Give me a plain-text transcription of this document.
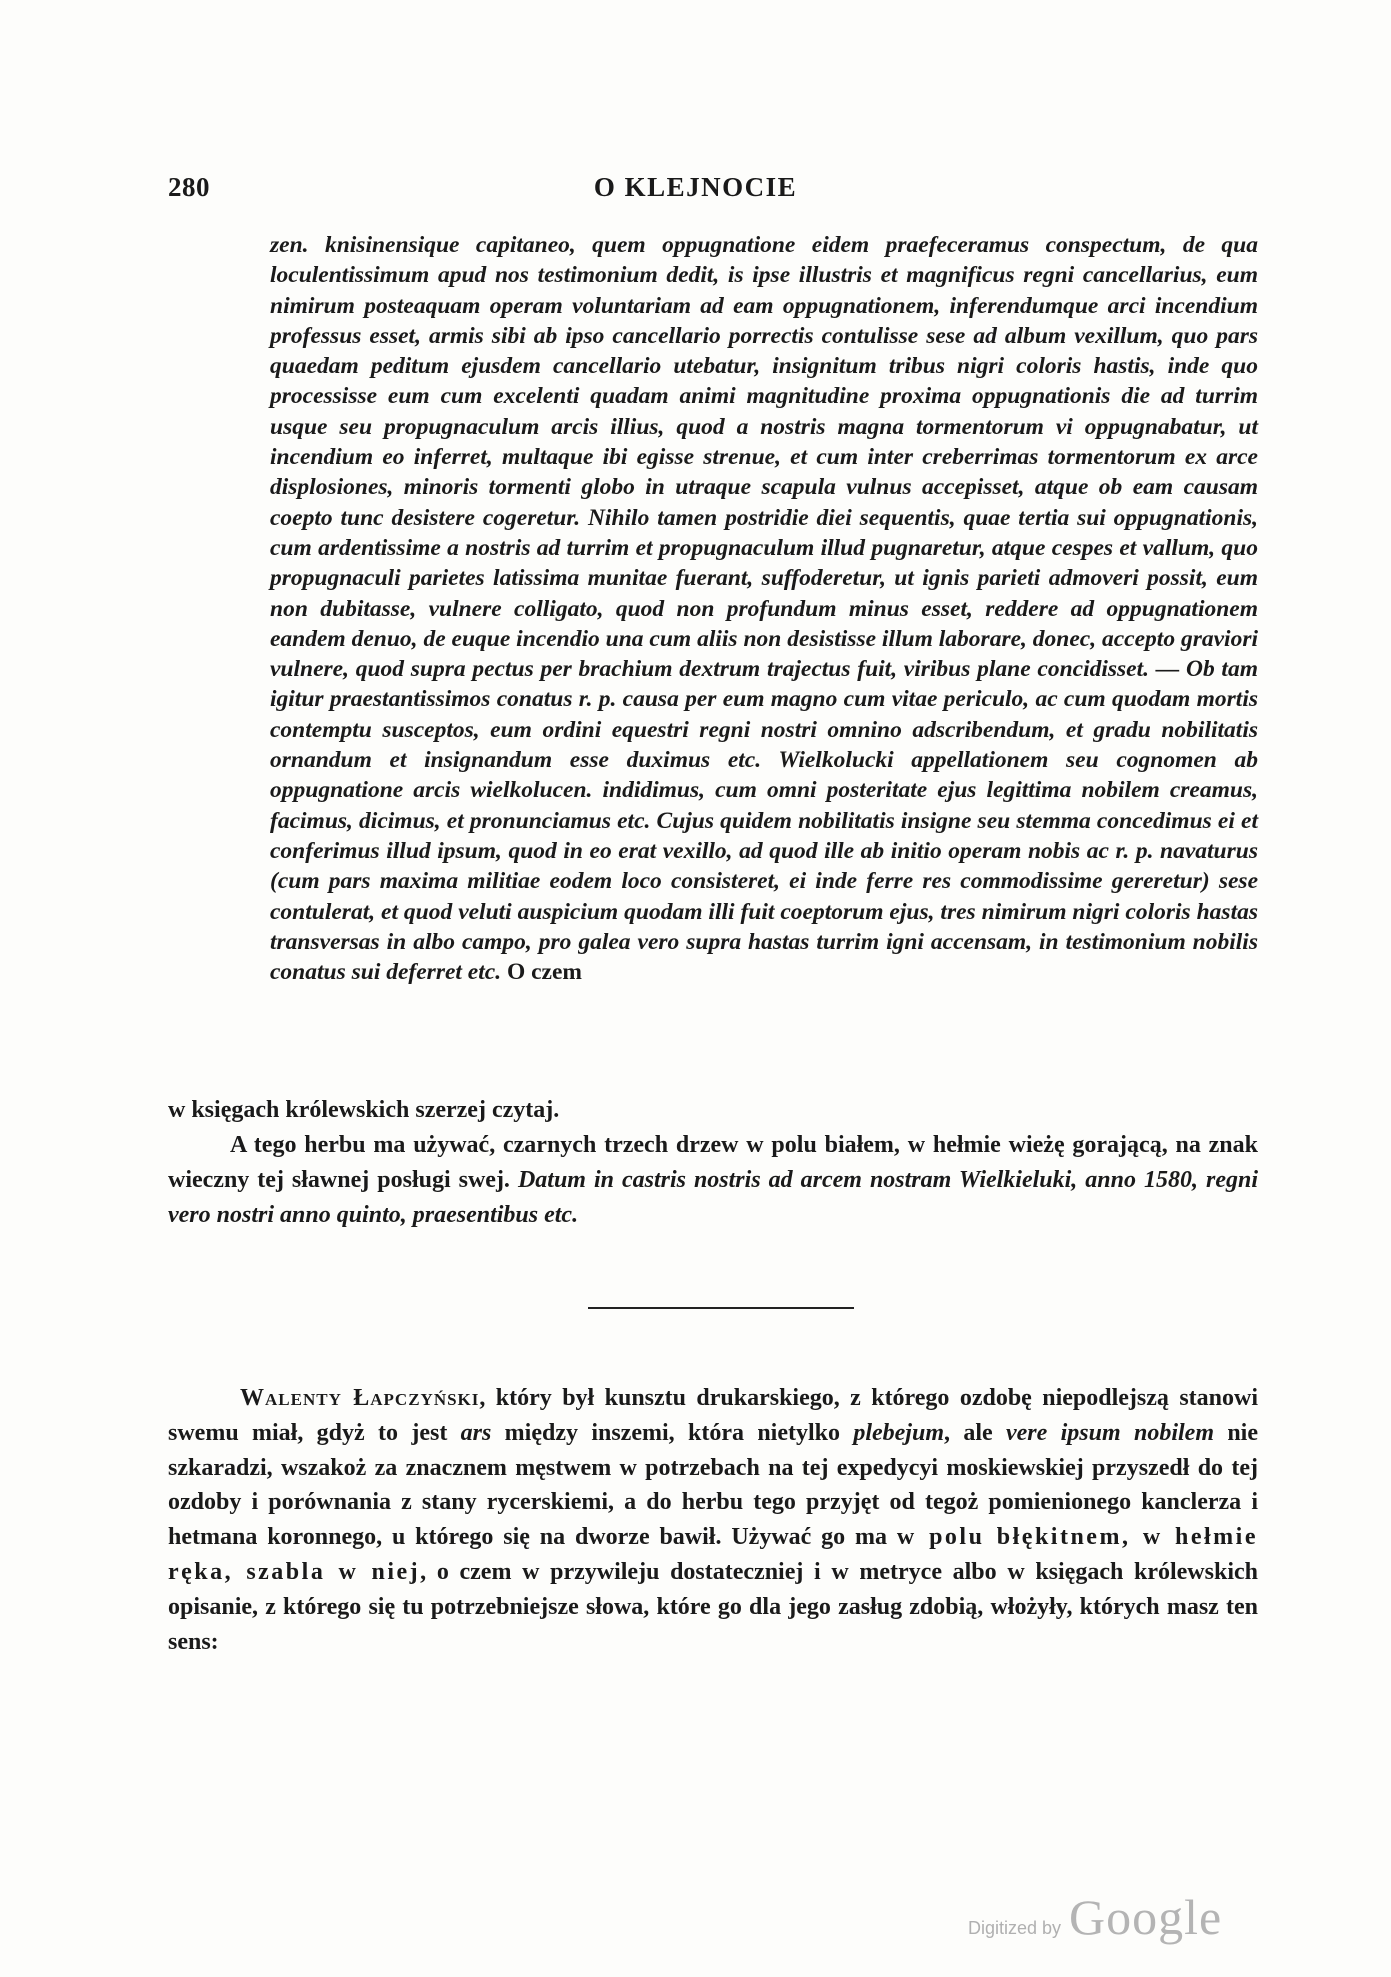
280	O KLEJNOCIE
zen. knisinensique capitaneo, quem oppugnatione eidem praefeceramus conspectum, de qua loculentissimum apud nos testimonium dedit, is ipse illustris et magnificus regni cancellarius, eum nimirum posteaquam operam voluntariam ad eam oppugnationem, inferendumque arci incendium professus esset, armis sibi ab ipso cancellario porrectis contulisse sese ad album vexillum, quo pars quaedam peditum ejusdem cancellario utebatur, insignitum tribus nigri coloris hastis, inde quo processisse eum cum excelenti quadam animi magnitudine proxima oppugnationis die ad turrim usque seu propugnaculum arcis illius, quod a nostris magna tormentorum vi oppugnabatur, ut incendium eo inferret, multaque ibi egisse strenue, et cum inter creberrimas tormentorum ex arce displosiones, minoris tormenti globo in utraque scapula vulnus accepisset, atque ob eam causam coepto tunc desistere cogeretur. Nihilo tamen postridie diei sequentis, quae tertia sui oppugnationis, cum ardentissime a nostris ad turrim et propugnaculum illud pugnaretur, atque cespes et vallum, quo propugnaculi parietes latissima munitae fuerant, suffoderetur, ut ignis parieti admoveri possit, eum non dubitasse, vulnere colligato, quod non profundum minus esset, reddere ad oppugnationem eandem denuo, de euque incendio una cum aliis non desistisse illum laborare, donec, accepto graviori vulnere, quod supra pectus per brachium dextrum trajectus fuit, viribus plane concidisset. — Ob tam igitur praestantissimos conatus r. p. causa per eum magno cum vitae periculo, ac cum quodam mortis contemptu susceptos, eum ordini equestri regni nostri omnino adscribendum, et gradu nobilitatis ornandum et insignandum esse duximus etc. Wielkolucki appellationem seu cognomen ab oppugnatione arcis wielkolucen. indidimus, cum omni posteritate ejus legittima nobilem creamus, facimus, dicimus, et pronunciamus etc. Cujus quidem nobilitatis insigne seu stemma concedimus ei et conferimus illud ipsum, quod in eo erat vexillo, ad quod ille ab initio operam nobis ac r. p. navaturus (cum pars maxima militiae eodem loco consisteret, ei inde ferre res commodissime gereretur) sese contulerat, et quod veluti auspicium quodam illi fuit coeptorum ejus, tres nimirum nigri coloris hastas transversas in albo campo, pro galea vero supra hastas turrim igni accensam, in testimonium nobilis conatus sui deferret etc. O czem
w księgach królewskich szerzej czytaj.
A tego herbu ma używać, czarnych trzech drzew w polu białem, w hełmie wieżę gorającą, na znak wieczny tej sławnej posługi swej. Datum in castris nostris ad arcem nostram Wielkieluki, anno 1580, regni vero nostri anno quinto, praesentibus etc.
Walenty Łapczyński, który był kunsztu drukarskiego, z którego ozdobę niepodlejszą stanowi swemu miał, gdyż to jest ars między inszemi, która nietylko plebejum, ale vere ipsum nobilem nie szkaradzi, wszakoż za znacznem męstwem w potrzebach na tej expedycyi moskiewskiej przyszedł do tej ozdoby i porównania z stany rycerskiemi, a do herbu tego przyjęt od tegoż pomienionego kanclerza i hetmana koronnego, u którego się na dworze bawił. Używać go ma w polu błękitnem, w hełmie ręka, szabla w niej, o czem w przywileju dostateczniej i w metryce albo w księgach królewskich opisanie, z którego się tu potrzebniejsze słowa, które go dla jego zasług zdobią, włożyły, których masz ten sens:
Digitized by Google
